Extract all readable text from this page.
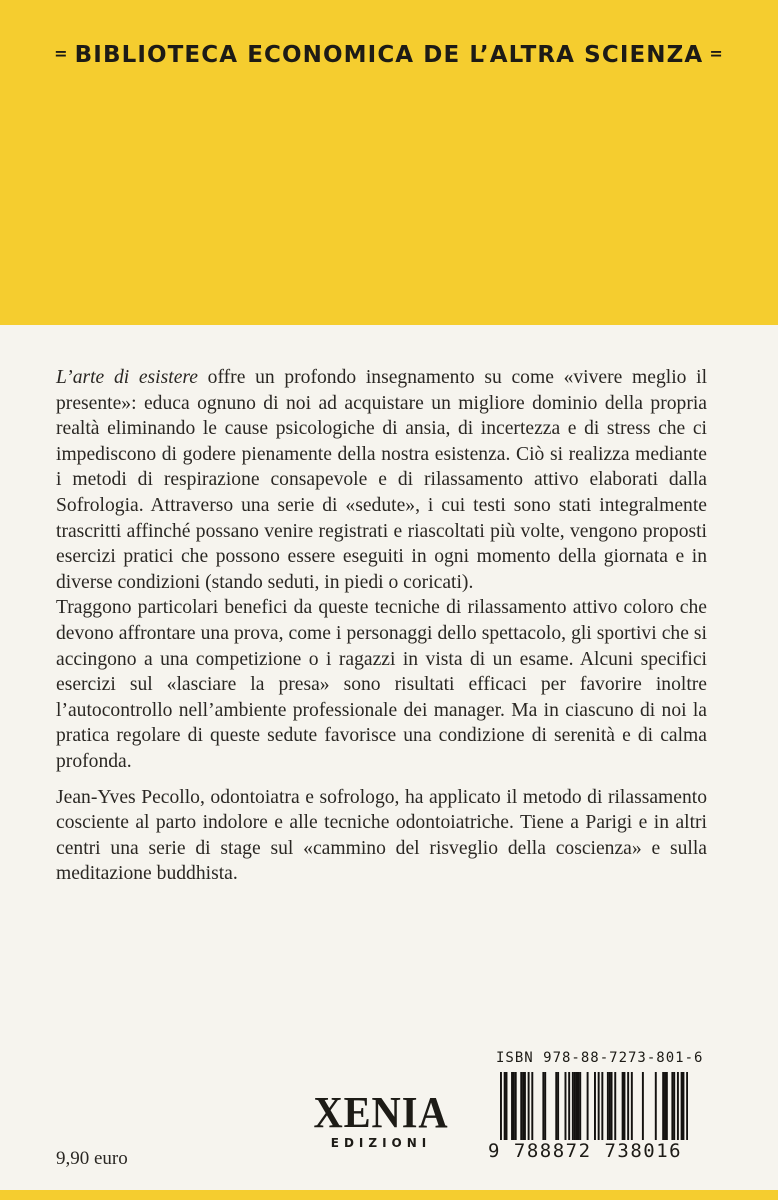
= BIBLIOTECA ECONOMICA DE L’ALTRA SCIENZA =

L’arte di esistere offre un profondo insegnamento su come «vivere meglio il presente»: educa ognuno di noi ad acquistare un migliore dominio della propria realtà eliminando le cause psicologiche di ansia, di incertezza e di stress che ci impediscono di godere pienamente della nostra esistenza. Ciò si realizza mediante i metodi di respirazione consapevole e di rilassamento attivo elaborati dalla Sofrologia. Attraverso una serie di «sedute», i cui testi sono stati integralmente trascritti affinché possano venire registrati e riascoltati più volte, vengono proposti esercizi pratici che possono essere eseguiti in ogni momento della giornata e in diverse condizioni (stando seduti, in piedi o coricati).

Traggono particolari benefici da queste tecniche di rilassamento attivo coloro che devono affrontare una prova, come i personaggi dello spettacolo, gli sportivi che si accingono a una competizione o i ragazzi in vista di un esame. Alcuni specifici esercizi sul «lasciare la presa» sono risultati efficaci per favorire inoltre l’autocontrollo nell’ambiente professionale dei manager. Ma in ciascuno di noi la pratica regolare di queste sedute favorisce una condizione di serenità e di calma profonda.

Jean-Yves Pecollo, odontoiatra e sofrologo, ha applicato il metodo di rilassamento cosciente al parto indolore e alle tecniche odontoiatriche. Tiene a Parigi e in altri centri una serie di stage sul «cammino del risveglio della coscienza» e sulla meditazione buddhista.

ISBN 978-88-7273-801-6
9 788872 738016
XENIA
EDIZIONI
9,90 euro
